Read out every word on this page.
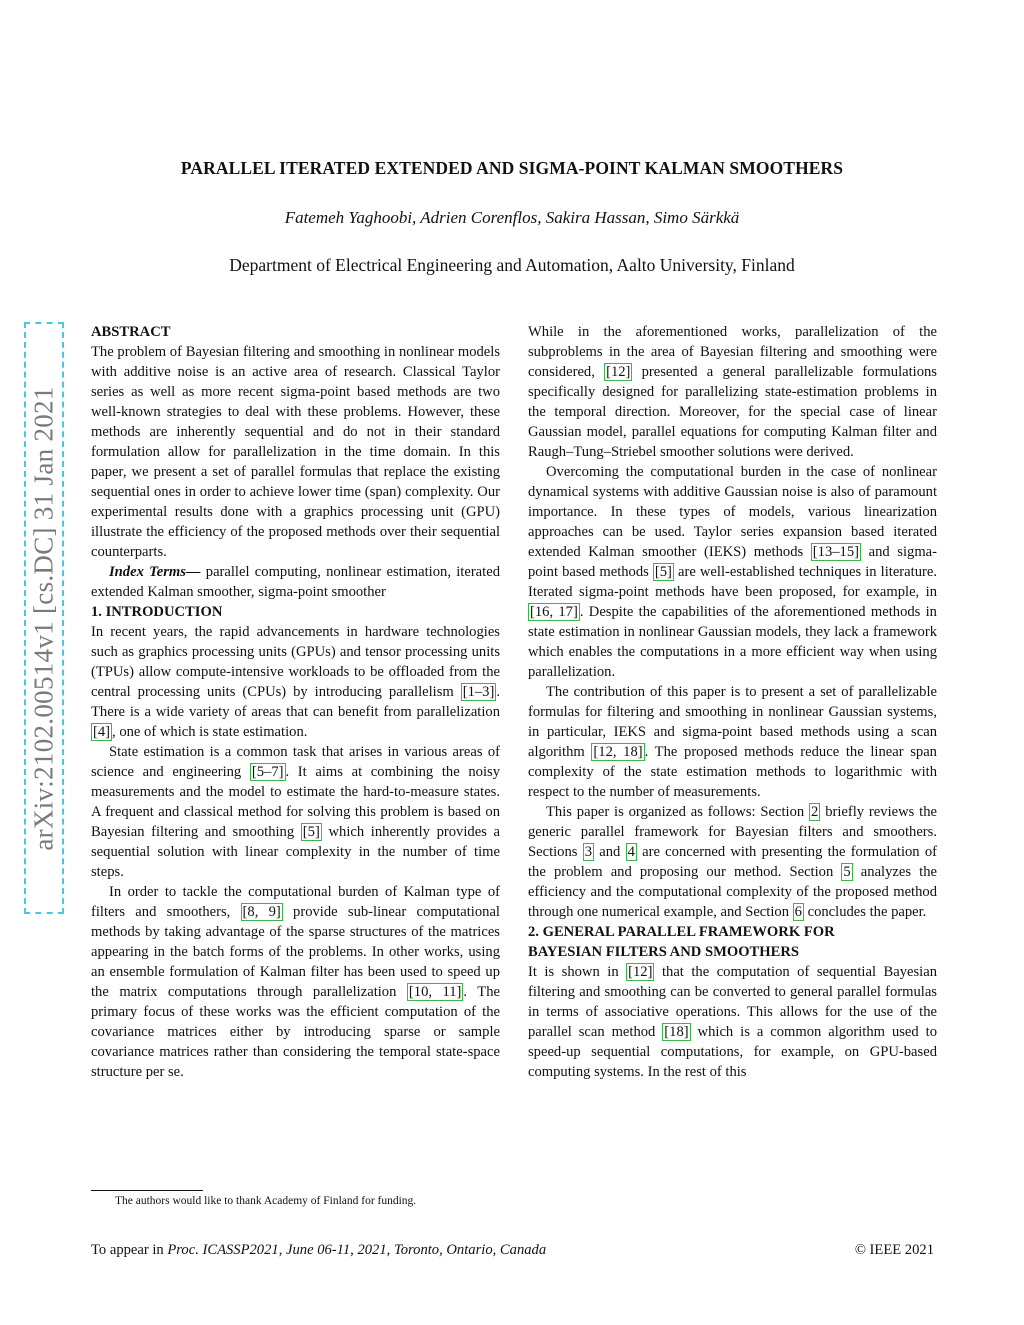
arXiv:2102.00514v1 [cs.DC] 31 Jan 2021
PARALLEL ITERATED EXTENDED AND SIGMA-POINT KALMAN SMOOTHERS
Fatemeh Yaghoobi, Adrien Corenflos, Sakira Hassan, Simo Särkkä
Department of Electrical Engineering and Automation, Aalto University, Finland

ABSTRACT

The problem of Bayesian filtering and smoothing in nonlinear models with additive noise is an active area of research. Classical Taylor series as well as more recent sigma-point based methods are two well-known strategies to deal with these problems. However, these methods are inherently sequential and do not in their standard formulation allow for parallelization in the time domain. In this paper, we present a set of parallel formulas that replace the existing sequential ones in order to achieve lower time (span) complexity. Our experimental results done with a graphics processing unit (GPU) illustrate the efficiency of the proposed methods over their sequential counterparts.

Index Terms— parallel computing, nonlinear estimation, iterated extended Kalman smoother, sigma-point smoother

1. INTRODUCTION

In recent years, the rapid advancements in hardware technologies such as graphics processing units (GPUs) and tensor processing units (TPUs) allow compute-intensive workloads to be offloaded from the central processing units (CPUs) by introducing parallelism [1–3] . There is a wide variety of areas that can benefit from parallelization [4] , one of which is state estimation.

State estimation is a common task that arises in various areas of science and engineering [5–7] . It aims at combining the noisy measurements and the model to estimate the hard-to-measure states. A frequent and classical method for solving this problem is based on Bayesian filtering and smoothing [5] which inherently provides a sequential solution with linear complexity in the number of time steps.

In order to tackle the computational burden of Kalman type of filters and smoothers, [8, 9] provide sub-linear computational methods by taking advantage of the sparse structures of the matrices appearing in the batch forms of the problems. In other works, using an ensemble formulation of Kalman filter has been used to speed up the matrix computations through parallelization [10, 11] . The primary focus of these works was the efficient computation of the covariance matrices either by introducing sparse or sample covariance matrices rather than considering the temporal state-space structure per se.

While in the aforementioned works, parallelization of the subproblems in the area of Bayesian filtering and smoothing were considered, [12] presented a general parallelizable formulations specifically designed for parallelizing state-estimation problems in the temporal direction. Moreover, for the special case of linear Gaussian model, parallel equations for computing Kalman filter and Raugh–Tung–Striebel smoother solutions were derived.

Overcoming the computational burden in the case of nonlinear dynamical systems with additive Gaussian noise is also of paramount importance. In these types of models, various linearization approaches can be used. Taylor series expansion based iterated extended Kalman smoother (IEKS) methods [13–15] and sigma-point based methods [5] are well-established techniques in literature. Iterated sigma-point methods have been proposed, for example, in [16, 17] . Despite the capabilities of the aforementioned methods in state estimation in nonlinear Gaussian models, they lack a framework which enables the computations in a more efficient way when using parallelization.

The contribution of this paper is to present a set of parallelizable formulas for filtering and smoothing in nonlinear Gaussian systems, in particular, IEKS and sigma-point based methods using a scan algorithm [12, 18] . The proposed methods reduce the linear span complexity of the state estimation methods to logarithmic with respect to the number of measurements.

This paper is organized as follows: Section 2 briefly reviews the generic parallel framework for Bayesian filters and smoothers. Sections 3 and 4 are concerned with presenting the formulation of the problem and proposing our method. Section 5 analyzes the efficiency and the computational complexity of the proposed method through one numerical example, and Section 6 concludes the paper.

2. GENERAL PARALLEL FRAMEWORK FOR
BAYESIAN FILTERS AND SMOOTHERS

It is shown in [12] that the computation of sequential Bayesian filtering and smoothing can be converted to general parallel formulas in terms of associative operations. This allows for the use of the parallel scan method [18] which is a common algorithm used to speed-up sequential computations, for example, on GPU-based computing systems. In the rest of this

The authors would like to thank Academy of Finland for funding.
To appear in Proc. ICASSP2021, June 06-11, 2021, Toronto, Ontario, Canada	© IEEE 2021
